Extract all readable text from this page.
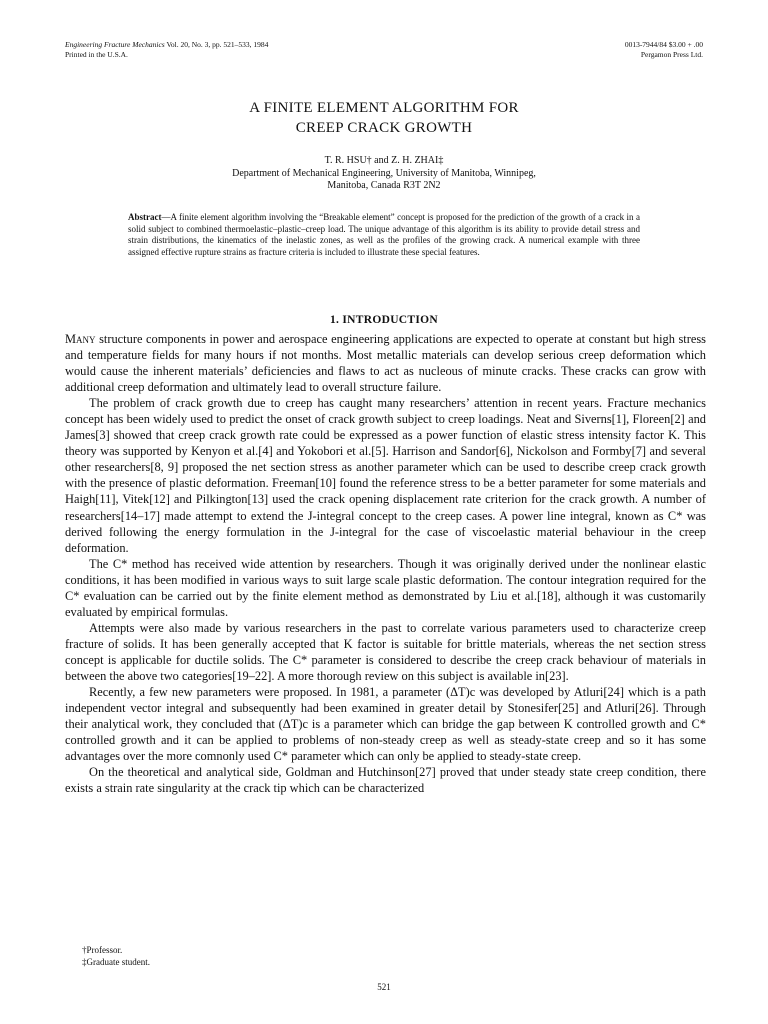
Engineering Fracture Mechanics Vol. 20, No. 3, pp. 521–533, 1984
Printed in the U.S.A.
0013-7944/84 $3.00 + .00
Pergamon Press Ltd.
A FINITE ELEMENT ALGORITHM FOR
CREEP CRACK GROWTH
T. R. HSU† and Z. H. ZHAI‡
Department of Mechanical Engineering, University of Manitoba, Winnipeg,
Manitoba, Canada R3T 2N2
Abstract—A finite element algorithm involving the “Breakable element” concept is proposed for the prediction of the growth of a crack in a solid subject to combined thermoelastic–plastic–creep load. The unique advantage of this algorithm is its ability to provide detail stress and strain distributions, the kinematics of the inelastic zones, as well as the profiles of the growing crack. A numerical example with three assigned effective rupture strains as fracture criteria is included to illustrate these special features.
1. INTRODUCTION

Many structure components in power and aerospace engineering applications are expected to operate at constant but high stress and temperature fields for many hours if not months. Most metallic materials can develop serious creep deformation which would cause the inherent materials’ deficiencies and flaws to act as nucleous of minute cracks. These cracks can grow with additional creep deformation and ultimately lead to overall structure failure.

The problem of crack growth due to creep has caught many researchers’ attention in recent years. Fracture mechanics concept has been widely used to predict the onset of crack growth subject to creep loadings. Neat and Siverns[1], Floreen[2] and James[3] showed that creep crack growth rate could be expressed as a power function of elastic stress intensity factor K. This theory was supported by Kenyon et al.[4] and Yokobori et al.[5]. Harrison and Sandor[6], Nickolson and Formby[7] and several other researchers[8, 9] proposed the net section stress as another parameter which can be used to describe creep crack growth with the presence of plastic deformation. Freeman[10] found the reference stress to be a better parameter for some materials and Haigh[11], Vitek[12] and Pilkington[13] used the crack opening displacement rate criterion for the crack growth. A number of researchers[14–17] made attempt to extend the J-integral concept to the creep cases. A power line integral, known as C* was derived following the energy formulation in the J-integral for the case of viscoelastic material behaviour in the creep deformation.

The C* method has received wide attention by researchers. Though it was originally derived under the nonlinear elastic conditions, it has been modified in various ways to suit large scale plastic deformation. The contour integration required for the C* evaluation can be carried out by the finite element method as demonstrated by Liu et al.[18], although it was customarily evaluated by empirical formulas.

Attempts were also made by various researchers in the past to correlate various parameters used to characterize creep fracture of solids. It has been generally accepted that K factor is suitable for brittle materials, whereas the net section stress concept is applicable for ductile solids. The C* parameter is considered to describe the creep crack behaviour of materials in between the above two categories[19–22]. A more thorough review on this subject is available in[23].

Recently, a few new parameters were proposed. In 1981, a parameter (ΔT)c was developed by Atluri[24] which is a path independent vector integral and subsequently had been examined in greater detail by Stonesifer[25] and Atluri[26]. Through their analytical work, they concluded that (ΔT)c is a parameter which can bridge the gap between K controlled growth and C* controlled growth and it can be applied to problems of non-steady creep as well as steady-state creep and so it has some advantages over the more comnonly used C* parameter which can only be applied to steady-state creep.

On the theoretical and analytical side, Goldman and Hutchinson[27] proved that under steady state creep condition, there exists a strain rate singularity at the crack tip which can be characterized

†Professor.
‡Graduate student.
521
